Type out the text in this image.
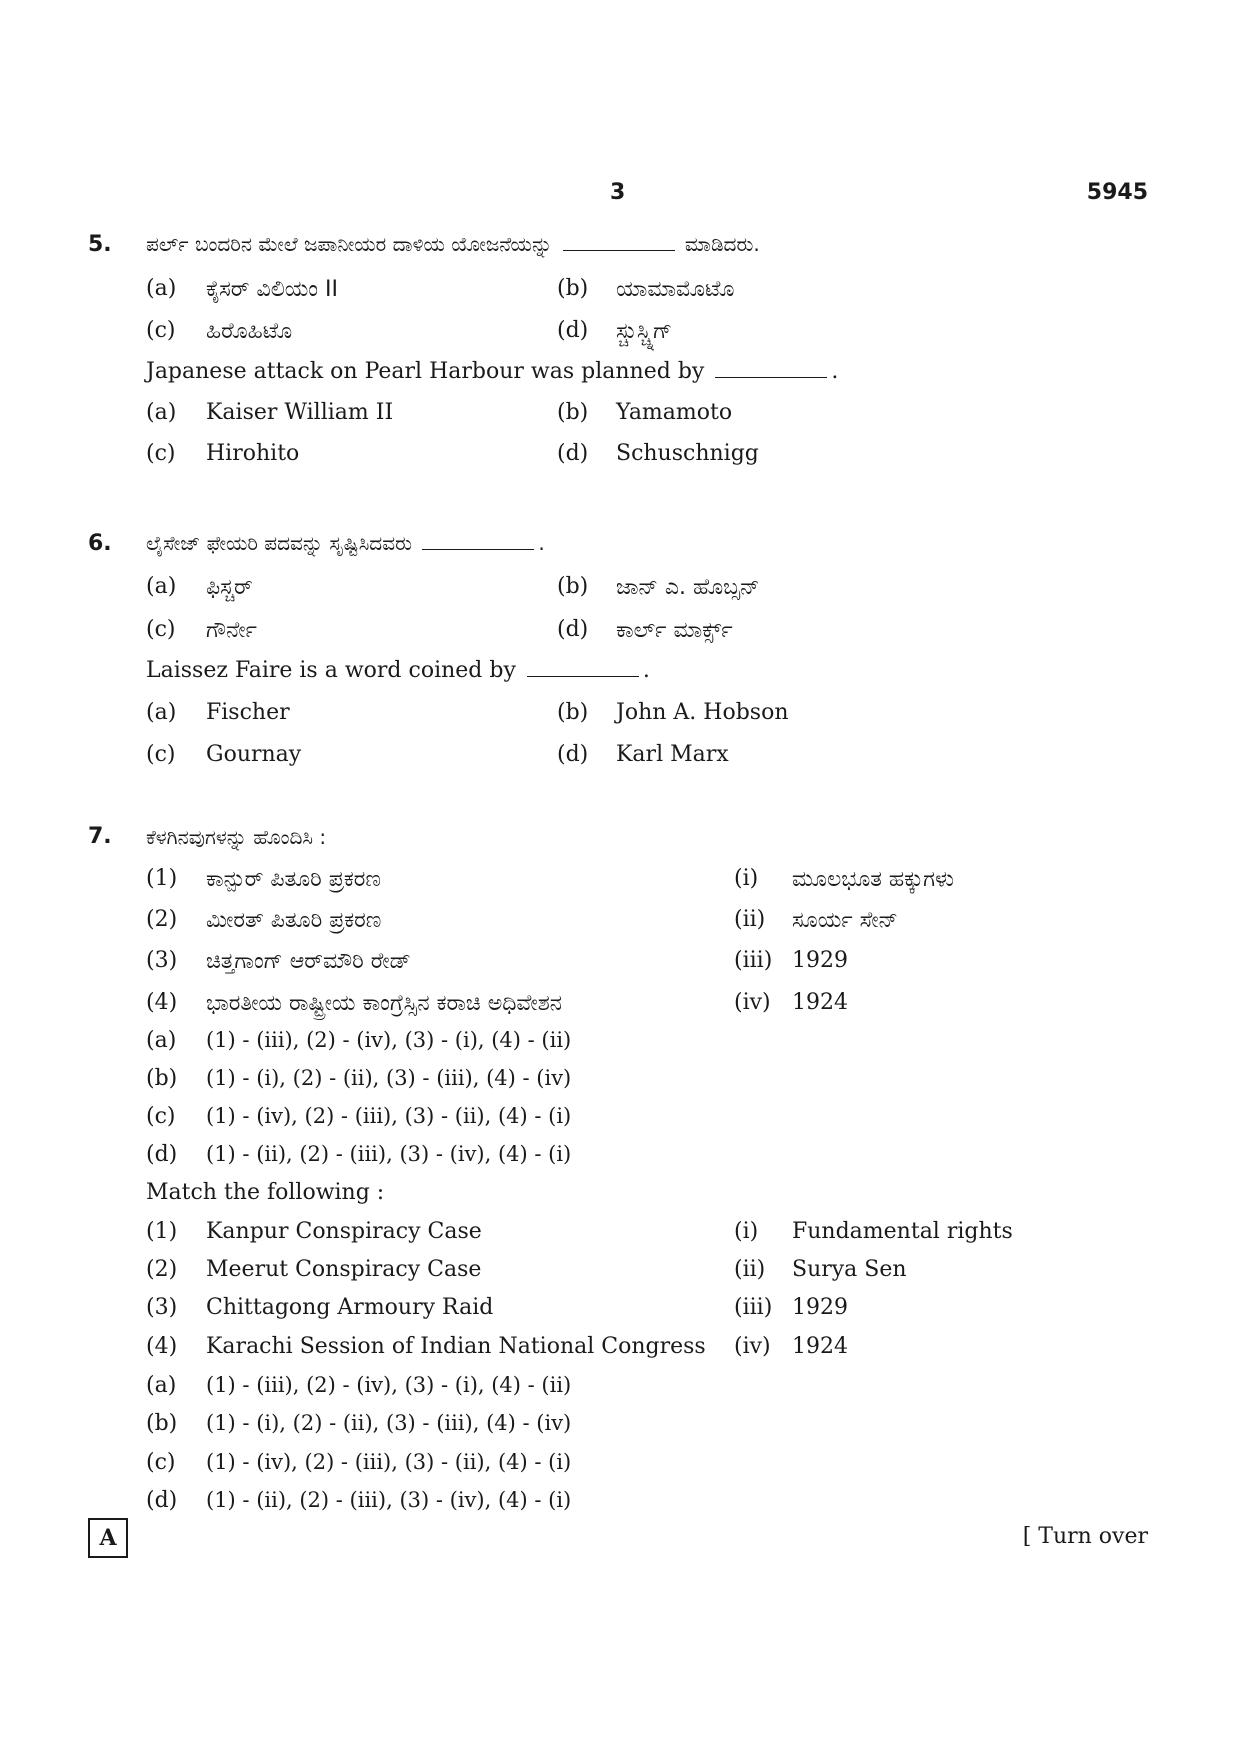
3	5945
5. ಪರ್ಲ್ ಬಂದರಿನ ಮೇಲೆ ಜಪಾನೀಯರ ದಾಳಿಯ ಯೋಜನೆಯನ್ನು	ಮಾಡಿದರು.
(a) ಕೈಸರ್ ವಿಲಿಯಂ II	(b) ಯಾಮಾಮೊಟೊ
(c) ಹಿರೊಹಿಟೊ	(d) ಸ್ಚುಸ್ಚ್ನಿಗ್
Japanese attack on Pearl Harbour was planned by	.
(a) Kaiser William II	(b) Yamamoto
(c) Hirohito	(d) Schuschnigg
6. ಲೈಸೇಜ್ ಫೇಯರಿ ಪದವನ್ನು ಸೃಷ್ಟಿಸಿದವರು	.
(a) ಫಿಸ್ಚರ್	(b) ಜಾನ್ ಎ. ಹೊಬ್ಸನ್
(c) ಗೌರ್ನೇ	(d) ಕಾರ್ಲ್ ಮಾರ್ಕ್ಸ್
Laissez Faire is a word coined by	.
(a) Fischer	(b) John A. Hobson
(c) Gournay	(d) Karl Marx
7. ಕೆಳಗಿನವುಗಳನ್ನು ಹೊಂದಿಸಿ :
(1) ಕಾನ್ಪುರ್ ಪಿತೂರಿ ಪ್ರಕರಣ	(i) ಮೂಲಭೂತ ಹಕ್ಕುಗಳು
(2) ಮೀರತ್ ಪಿತೂರಿ ಪ್ರಕರಣ	(ii) ಸೂರ್ಯ ಸೇನ್
(3) ಚಿತ್ತಗಾಂಗ್ ಆರ್‌ಮೌರಿ ರೇಡ್	(iii) 1929
(4) ಭಾರತೀಯ ರಾಷ್ಟ್ರೀಯ ಕಾಂಗ್ರೆಸ್ಸಿನ ಕರಾಚಿ ಅಧಿವೇಶನ	(iv) 1924
(a) (1) - (iii), (2) - (iv), (3) - (i), (4) - (ii)
(b) (1) - (i), (2) - (ii), (3) - (iii), (4) - (iv)
(c) (1) - (iv), (2) - (iii), (3) - (ii), (4) - (i)
(d) (1) - (ii), (2) - (iii), (3) - (iv), (4) - (i)
Match the following :
(1) Kanpur Conspiracy Case	(i) Fundamental rights
(2) Meerut Conspiracy Case	(ii) Surya Sen
(3) Chittagong Armoury Raid	(iii) 1929
(4) Karachi Session of Indian National Congress (iv) 1924
(a) (1) - (iii), (2) - (iv), (3) - (i), (4) - (ii)
(b) (1) - (i), (2) - (ii), (3) - (iii), (4) - (iv)
(c) (1) - (iv), (2) - (iii), (3) - (ii), (4) - (i)
(d) (1) - (ii), (2) - (iii), (3) - (iv), (4) - (i)
A	[ Turn over
